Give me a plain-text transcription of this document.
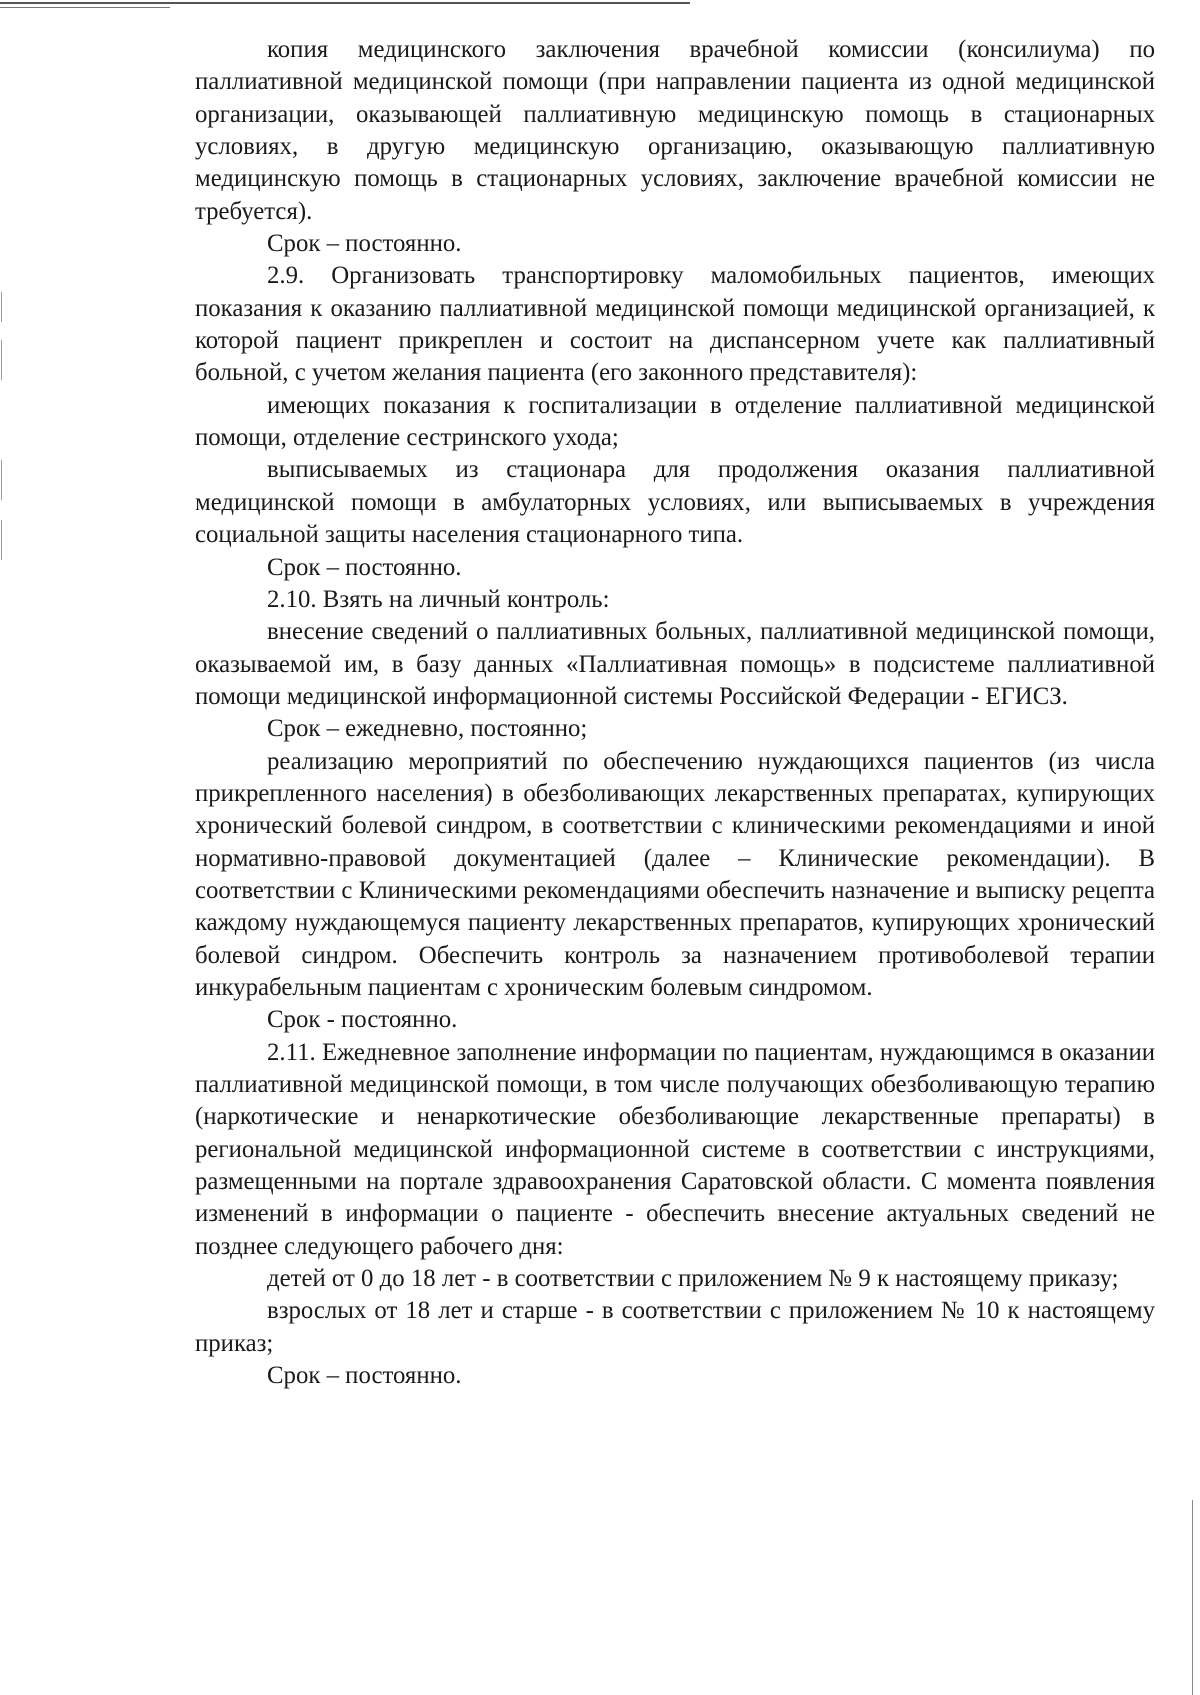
копия медицинского заключения врачебной комиссии (консилиума) по паллиативной медицинской помощи (при направлении пациента из одной медицинской организации, оказывающей паллиативную медицинскую помощь в стационарных условиях, в другую медицинскую организацию, оказывающую паллиативную медицинскую помощь в стационарных условиях, заключение врачебной комиссии не требуется).

Срок – постоянно.

2.9. Организовать транспортировку маломобильных пациентов, имеющих показания к оказанию паллиативной медицинской помощи медицинской организацией, к которой пациент прикреплен и состоит на диспансерном учете как паллиативный больной, с учетом желания пациента (его законного представителя):

имеющих показания к госпитализации в отделение паллиативной медицинской помощи, отделение сестринского ухода;

выписываемых из стационара для продолжения оказания паллиативной медицинской помощи в амбулаторных условиях, или выписываемых в учреждения социальной защиты населения стационарного типа.

Срок – постоянно.

2.10. Взять на личный контроль:

внесение сведений о паллиативных больных, паллиативной медицинской помощи, оказываемой им, в базу данных «Паллиативная помощь» в подсистеме паллиативной помощи медицинской информационной системы Российской Федерации - ЕГИСЗ.

Срок – ежедневно, постоянно;

реализацию мероприятий по обеспечению нуждающихся пациентов (из числа прикрепленного населения) в обезболивающих лекарственных препаратах, купирующих хронический болевой синдром, в соответствии с клиническими рекомендациями и иной нормативно-правовой документацией (далее – Клинические рекомендации). В соответствии с Клиническими рекомендациями обеспечить назначение и выписку рецепта каждому нуждающемуся пациенту лекарственных препаратов, купирующих хронический болевой синдром. Обеспечить контроль за назначением противоболевой терапии инкурабельным пациентам с хроническим болевым синдромом.

Срок - постоянно.

2.11. Ежедневное заполнение информации по пациентам, нуждающимся в оказании паллиативной медицинской помощи, в том числе получающих обезболивающую терапию (наркотические и ненаркотические обезболивающие лекарственные препараты) в региональной медицинской информационной системе в соответствии с инструкциями, размещенными на портале здравоохранения Саратовской области. С момента появления изменений в информации о пациенте - обеспечить внесение актуальных сведений не позднее следующего рабочего дня:

детей от 0 до 18 лет - в соответствии с приложением № 9 к настоящему приказу;

взрослых от 18 лет и старше - в соответствии с приложением № 10 к настоящему приказ;

Срок – постоянно.
